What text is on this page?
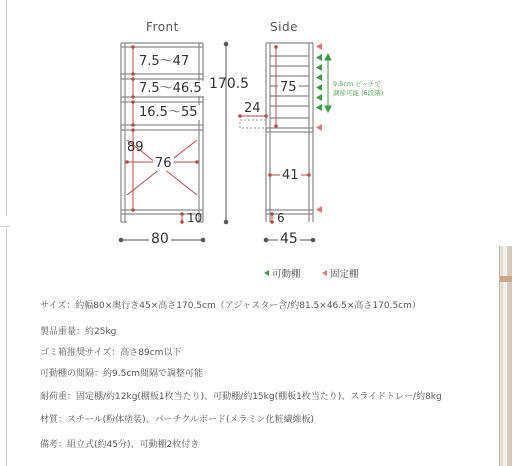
Front	Side
7.5～47
7.5～46.5
16.5～55
89
76
10
170.5
80
75
24
41
6
45
9.5cm ピッチで
調節可能 (6段階)
可動棚	固定棚
サイズ：約幅80×奥行き45×高さ170.5cm（アジャスター含/約81.5×46.5×高さ170.5cm）
製品重量：約25kg
ゴミ箱推奨サイズ：高さ89cm以下
可動棚の間隔：約9.5cm間隔で調整可能
耐荷重：固定棚/約12kg(棚板1枚当たり)、可動棚/約15kg(棚板1枚当たり)、スライドトレー/約8kg
材質：スチール(粉体塗装)、パーチクルボード(メラミン化粧繊維板)
備考：組立式(約45分)、可動棚2枚付き
